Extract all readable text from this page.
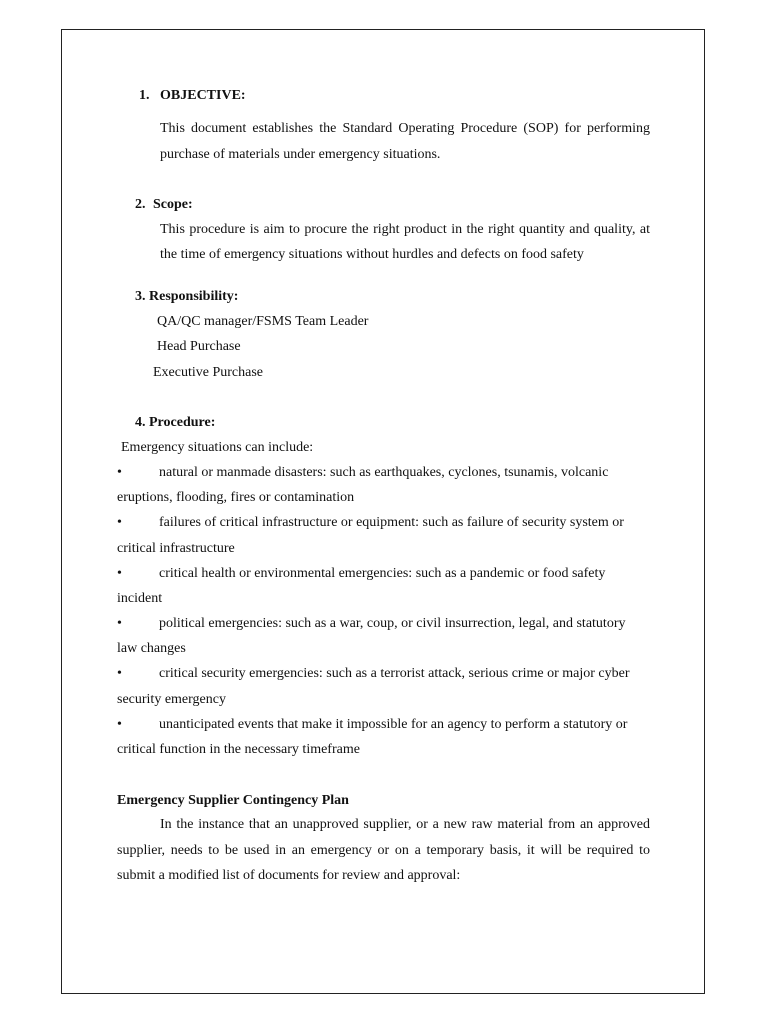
1. OBJECTIVE:
This document establishes the Standard Operating Procedure (SOP) for performing
purchase of materials under emergency situations.
2. Scope:
This procedure is aim to procure the right product in the right quantity and quality, at
the time of emergency situations without hurdles and defects on food safety
3. Responsibility:
QA/QC manager/FSMS Team Leader
Head Purchase
Executive Purchase
4. Procedure:
Emergency situations can include:
•	natural or manmade disasters: such as earthquakes, cyclones, tsunamis, volcanic
eruptions, flooding, fires or contamination
•	failures of critical infrastructure or equipment: such as failure of security system or
critical infrastructure
•	critical health or environmental emergencies: such as a pandemic or food safety
incident
•	political emergencies: such as a war, coup, or civil insurrection, legal, and statutory
law changes
•	critical security emergencies: such as a terrorist attack, serious crime or major cyber
security emergency
•	unanticipated events that make it impossible for an agency to perform a statutory or
critical function in the necessary timeframe
Emergency Supplier Contingency Plan
In the instance that an unapproved supplier, or a new raw material from an approved
supplier, needs to be used in an emergency or on a temporary basis, it will be required to
submit a modified list of documents for review and approval:
